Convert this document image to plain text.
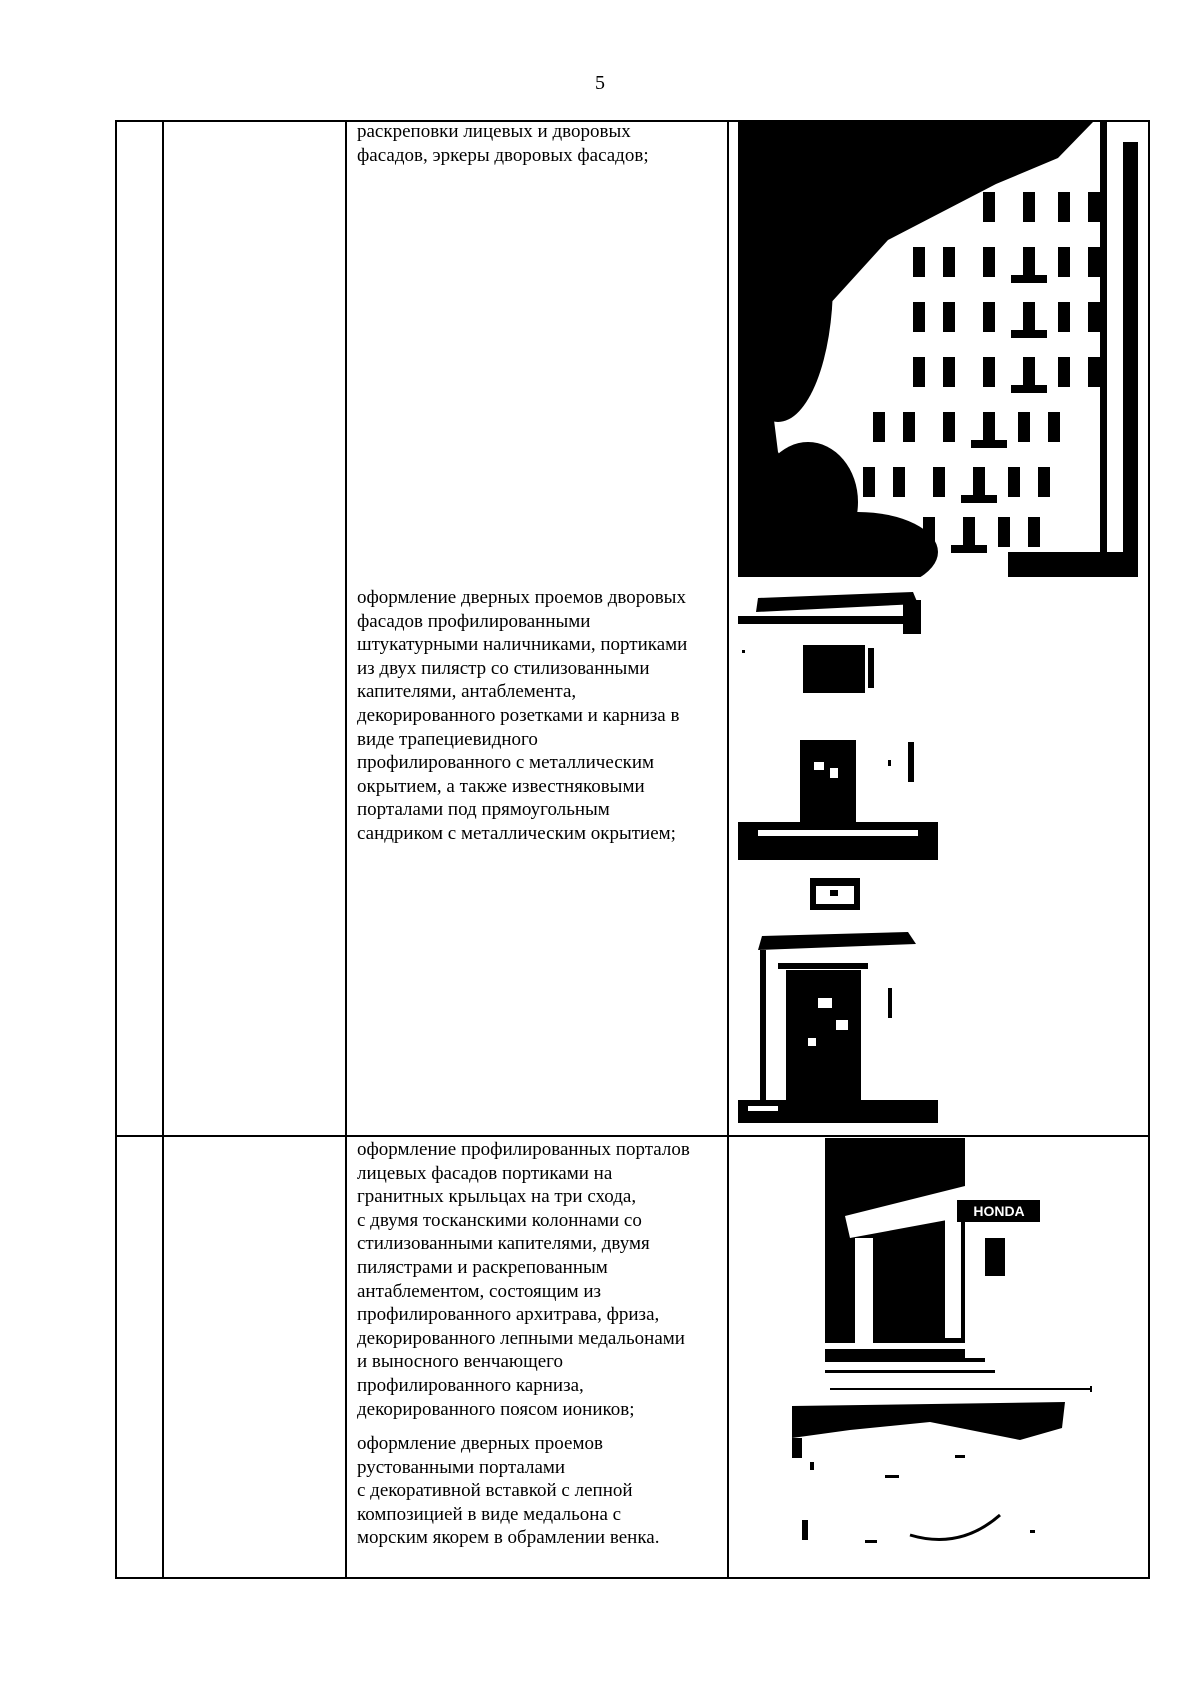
5
раскреповки лицевых и дворовых
фасадов, эркеры дворовых фасадов;
оформление дверных проемов дворовых
фасадов профилированными
штукатурными наличниками, портиками
из двух пилястр со стилизованными
капителями, антаблемента,
декорированного розетками и карниза в
виде трапециевидного
профилированного с металлическим
окрытием, а также известняковыми
порталами под прямоугольным
сандриком с металлическим окрытием;
оформление профилированных порталов
лицевых фасадов портиками на
гранитных крыльцах на три схода,
с двумя тосканскими колоннами со
стилизованными капителями, двумя
пилястрами и раскрепованным
антаблементом, состоящим из
профилированного архитрава, фриза,
декорированного лепными медальонами
и выносного венчающего
профилированного карниза,
декорированного поясом иоников;
оформление дверных проемов
рустованными порталами
с декоративной вставкой с лепной
композицией в виде медальона с
морским якорем в обрамлении венка.
HONDA
